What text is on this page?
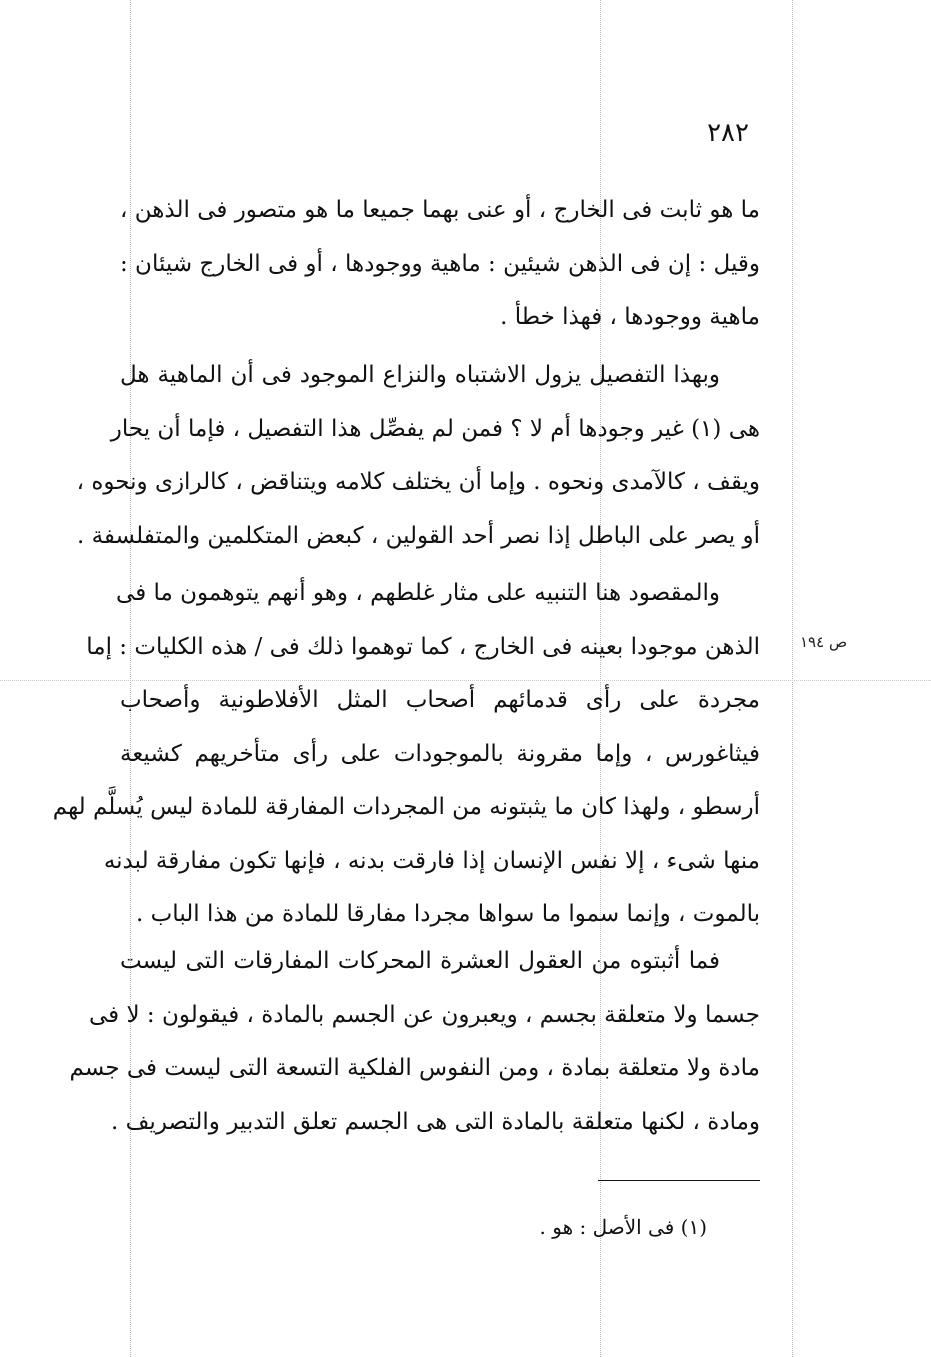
٢٨٢
ما هو ثابت فى الخارج ، أو عنى بهما جميعا ما هو متصور فى الذهن ،
وقيل : إن فى الذهن شيئين : ماهية ووجودها ، أو فى الخارج شيئان :
ماهية ووجودها ، فهذا خطأ .
وبهذا التفصيل يزول الاشتباه والنزاع الموجود فى أن الماهية هل
هى (١) غير وجودها أم لا ؟ فمن لم يفصِّل هذا التفصيل ، فإما أن يحار
ويقف ، كالآمدى ونحوه . وإما أن يختلف كلامه ويتناقض ، كالرازى ونحوه ،
أو يصر على الباطل إذا نصر أحد القولين ، كبعض المتكلمين والمتفلسفة .
والمقصود هنا التنبيه على مثار غلطهم ، وهو أنهم يتوهمون ما فى
الذهن موجودا بعينه فى الخارج ، كما توهموا ذلك فى / هذه الكليات : إما
مجردة على رأى قدمائهم أصحاب المثل الأفلاطونية وأصحاب
فيثاغورس ، وإما مقرونة بالموجودات على رأى متأخريهم كشيعة
أرسطو ، ولهذا كان ما يثبتونه من المجردات المفارقة للمادة ليس يُسلَّم لهم
منها شىء ، إلا نفس الإنسان إذا فارقت بدنه ، فإنها تكون مفارقة لبدنه
بالموت ، وإنما سموا ما سواها مجردا مفارقا للمادة من هذا الباب .
ص ١٩٤
فما أثبتوه من العقول العشرة المحركات المفارقات التى ليست
جسما ولا متعلقة بجسم ، ويعبرون عن الجسم بالمادة ، فيقولون : لا فى
مادة ولا متعلقة بمادة ، ومن النفوس الفلكية التسعة التى ليست فى جسم
ومادة ، لكنها متعلقة بالمادة التى هى الجسم تعلق التدبير والتصريف .
(١) فى الأصل : هو .
